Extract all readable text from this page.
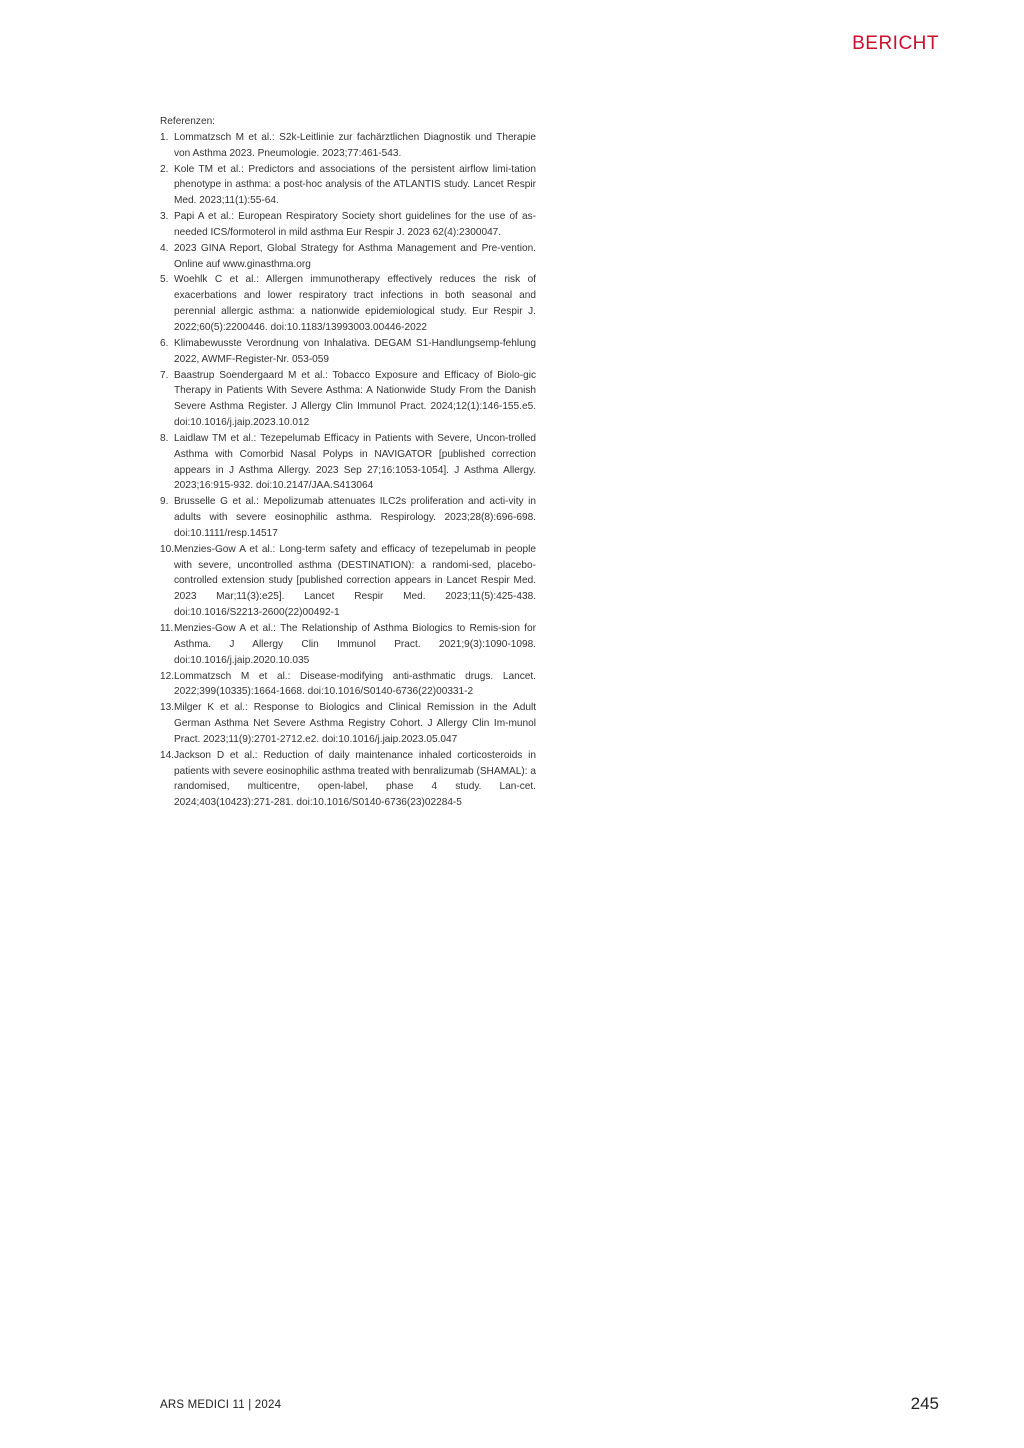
BERICHT

Referenzen:

1. Lommatzsch M et al.: S2k-Leitlinie zur fachärztlichen Diagnostik und Therapie von Asthma 2023. Pneumologie. 2023;77:461-543.
2. Kole TM et al.: Predictors and associations of the persistent airflow limi-tation phenotype in asthma: a post-hoc analysis of the ATLANTIS study. Lancet Respir Med. 2023;11(1):55-64.
3. Papi A et al.: European Respiratory Society short guidelines for the use of as-needed ICS/formoterol in mild asthma Eur Respir J. 2023 62(4):2300047.
4. 2023 GINA Report, Global Strategy for Asthma Management and Pre-vention. Online auf www.ginasthma.org
5. Woehlk C et al.: Allergen immunotherapy effectively reduces the risk of exacerbations and lower respiratory tract infections in both seasonal and perennial allergic asthma: a nationwide epidemiological study. Eur Respir J. 2022;60(5):2200446. doi:10.1183/13993003.00446-2022
6. Klimabewusste Verordnung von Inhalativa. DEGAM S1-Handlungsemp-fehlung 2022, AWMF-Register-Nr. 053-059
7. Baastrup Soendergaard M et al.: Tobacco Exposure and Efficacy of Biolo-gic Therapy in Patients With Severe Asthma: A Nationwide Study From the Danish Severe Asthma Register. J Allergy Clin Immunol Pract. 2024;12(1):146-155.e5. doi:10.1016/j.jaip.2023.10.012
8. Laidlaw TM et al.: Tezepelumab Efficacy in Patients with Severe, Uncon-trolled Asthma with Comorbid Nasal Polyps in NAVIGATOR [published correction appears in J Asthma Allergy. 2023 Sep 27;16:1053-1054]. J Asthma Allergy. 2023;16:915-932. doi:10.2147/JAA.S413064
9. Brusselle G et al.: Mepolizumab attenuates ILC2s proliferation and acti-vity in adults with severe eosinophilic asthma. Respirology. 2023;28(8):696-698. doi:10.1111/resp.14517
10. Menzies-Gow A et al.: Long-term safety and efficacy of tezepelumab in people with severe, uncontrolled asthma (DESTINATION): a randomi-sed, placebo-controlled extension study [published correction appears in Lancet Respir Med. 2023 Mar;11(3):e25]. Lancet Respir Med. 2023;11(5):425-438. doi:10.1016/S2213-2600(22)00492-1
11. Menzies-Gow A et al.: The Relationship of Asthma Biologics to Remis-sion for Asthma. J Allergy Clin Immunol Pract. 2021;9(3):1090-1098. doi:10.1016/j.jaip.2020.10.035
12. Lommatzsch M et al.: Disease-modifying anti-asthmatic drugs. Lancet. 2022;399(10335):1664-1668. doi:10.1016/S0140-6736(22)00331-2
13. Milger K et al.: Response to Biologics and Clinical Remission in the Adult German Asthma Net Severe Asthma Registry Cohort. J Allergy Clin Im-munol Pract. 2023;11(9):2701-2712.e2. doi:10.1016/j.jaip.2023.05.047
14. Jackson D et al.: Reduction of daily maintenance inhaled corticosteroids in patients with severe eosinophilic asthma treated with benralizumab (SHAMAL): a randomised, multicentre, open-label, phase 4 study. Lan-cet. 2024;403(10423):271-281. doi:10.1016/S0140-6736(23)02284-5
ARS MEDICI 11 | 2024	245
